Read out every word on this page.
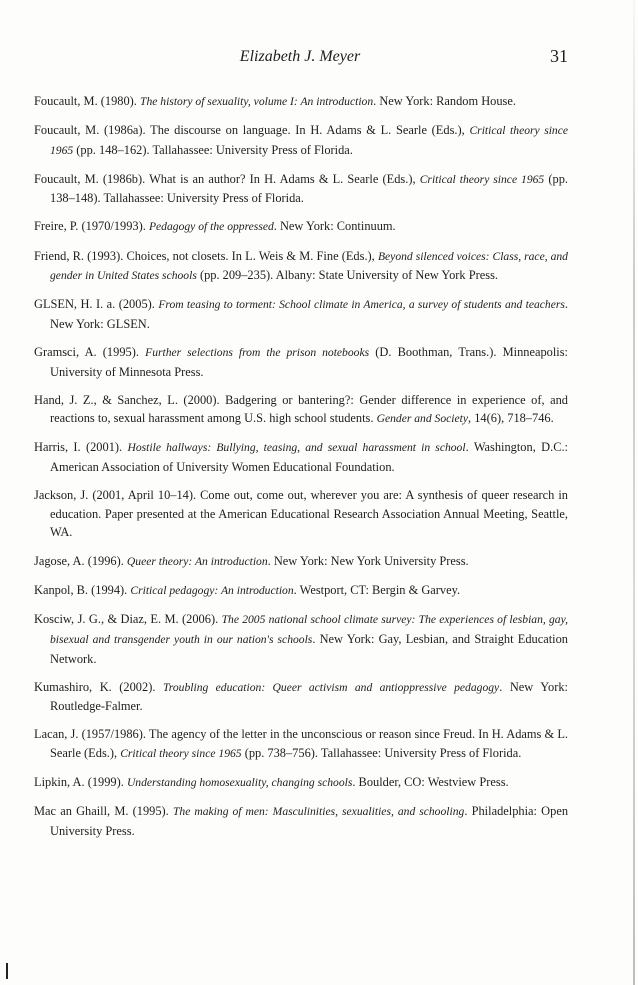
Elizabeth J. Meyer	31
Foucault, M. (1980). The history of sexuality, volume I: An introduction. New York: Random House.
Foucault, M. (1986a). The discourse on language. In H. Adams & L. Searle (Eds.), Critical theory since 1965 (pp. 148–162). Tallahassee: University Press of Florida.
Foucault, M. (1986b). What is an author? In H. Adams & L. Searle (Eds.), Critical theory since 1965 (pp. 138–148). Tallahassee: University Press of Florida.
Freire, P. (1970/1993). Pedagogy of the oppressed. New York: Continuum.
Friend, R. (1993). Choices, not closets. In L. Weis & M. Fine (Eds.), Beyond silenced voices: Class, race, and gender in United States schools (pp. 209–235). Albany: State University of New York Press.
GLSEN, H. I. a. (2005). From teasing to torment: School climate in America, a survey of students and teachers. New York: GLSEN.
Gramsci, A. (1995). Further selections from the prison notebooks (D. Boothman, Trans.). Minneapolis: University of Minnesota Press.
Hand, J. Z., & Sanchez, L. (2000). Badgering or bantering?: Gender difference in experience of, and reactions to, sexual harassment among U.S. high school students. Gender and Society, 14(6), 718–746.
Harris, I. (2001). Hostile hallways: Bullying, teasing, and sexual harassment in school. Washington, D.C.: American Association of University Women Educational Foundation.
Jackson, J. (2001, April 10–14). Come out, come out, wherever you are: A synthesis of queer research in education. Paper presented at the American Educational Research Association Annual Meeting, Seattle, WA.
Jagose, A. (1996). Queer theory: An introduction. New York: New York University Press.
Kanpol, B. (1994). Critical pedagogy: An introduction. Westport, CT: Bergin & Garvey.
Kosciw, J. G., & Diaz, E. M. (2006). The 2005 national school climate survey: The experiences of lesbian, gay, bisexual and transgender youth in our nation's schools. New York: Gay, Lesbian, and Straight Education Network.
Kumashiro, K. (2002). Troubling education: Queer activism and antioppressive pedagogy. New York: Routledge-Falmer.
Lacan, J. (1957/1986). The agency of the letter in the unconscious or reason since Freud. In H. Adams & L. Searle (Eds.), Critical theory since 1965 (pp. 738–756). Tallahassee: University Press of Florida.
Lipkin, A. (1999). Understanding homosexuality, changing schools. Boulder, CO: Westview Press.
Mac an Ghaill, M. (1995). The making of men: Masculinities, sexualities, and schooling. Philadelphia: Open University Press.
